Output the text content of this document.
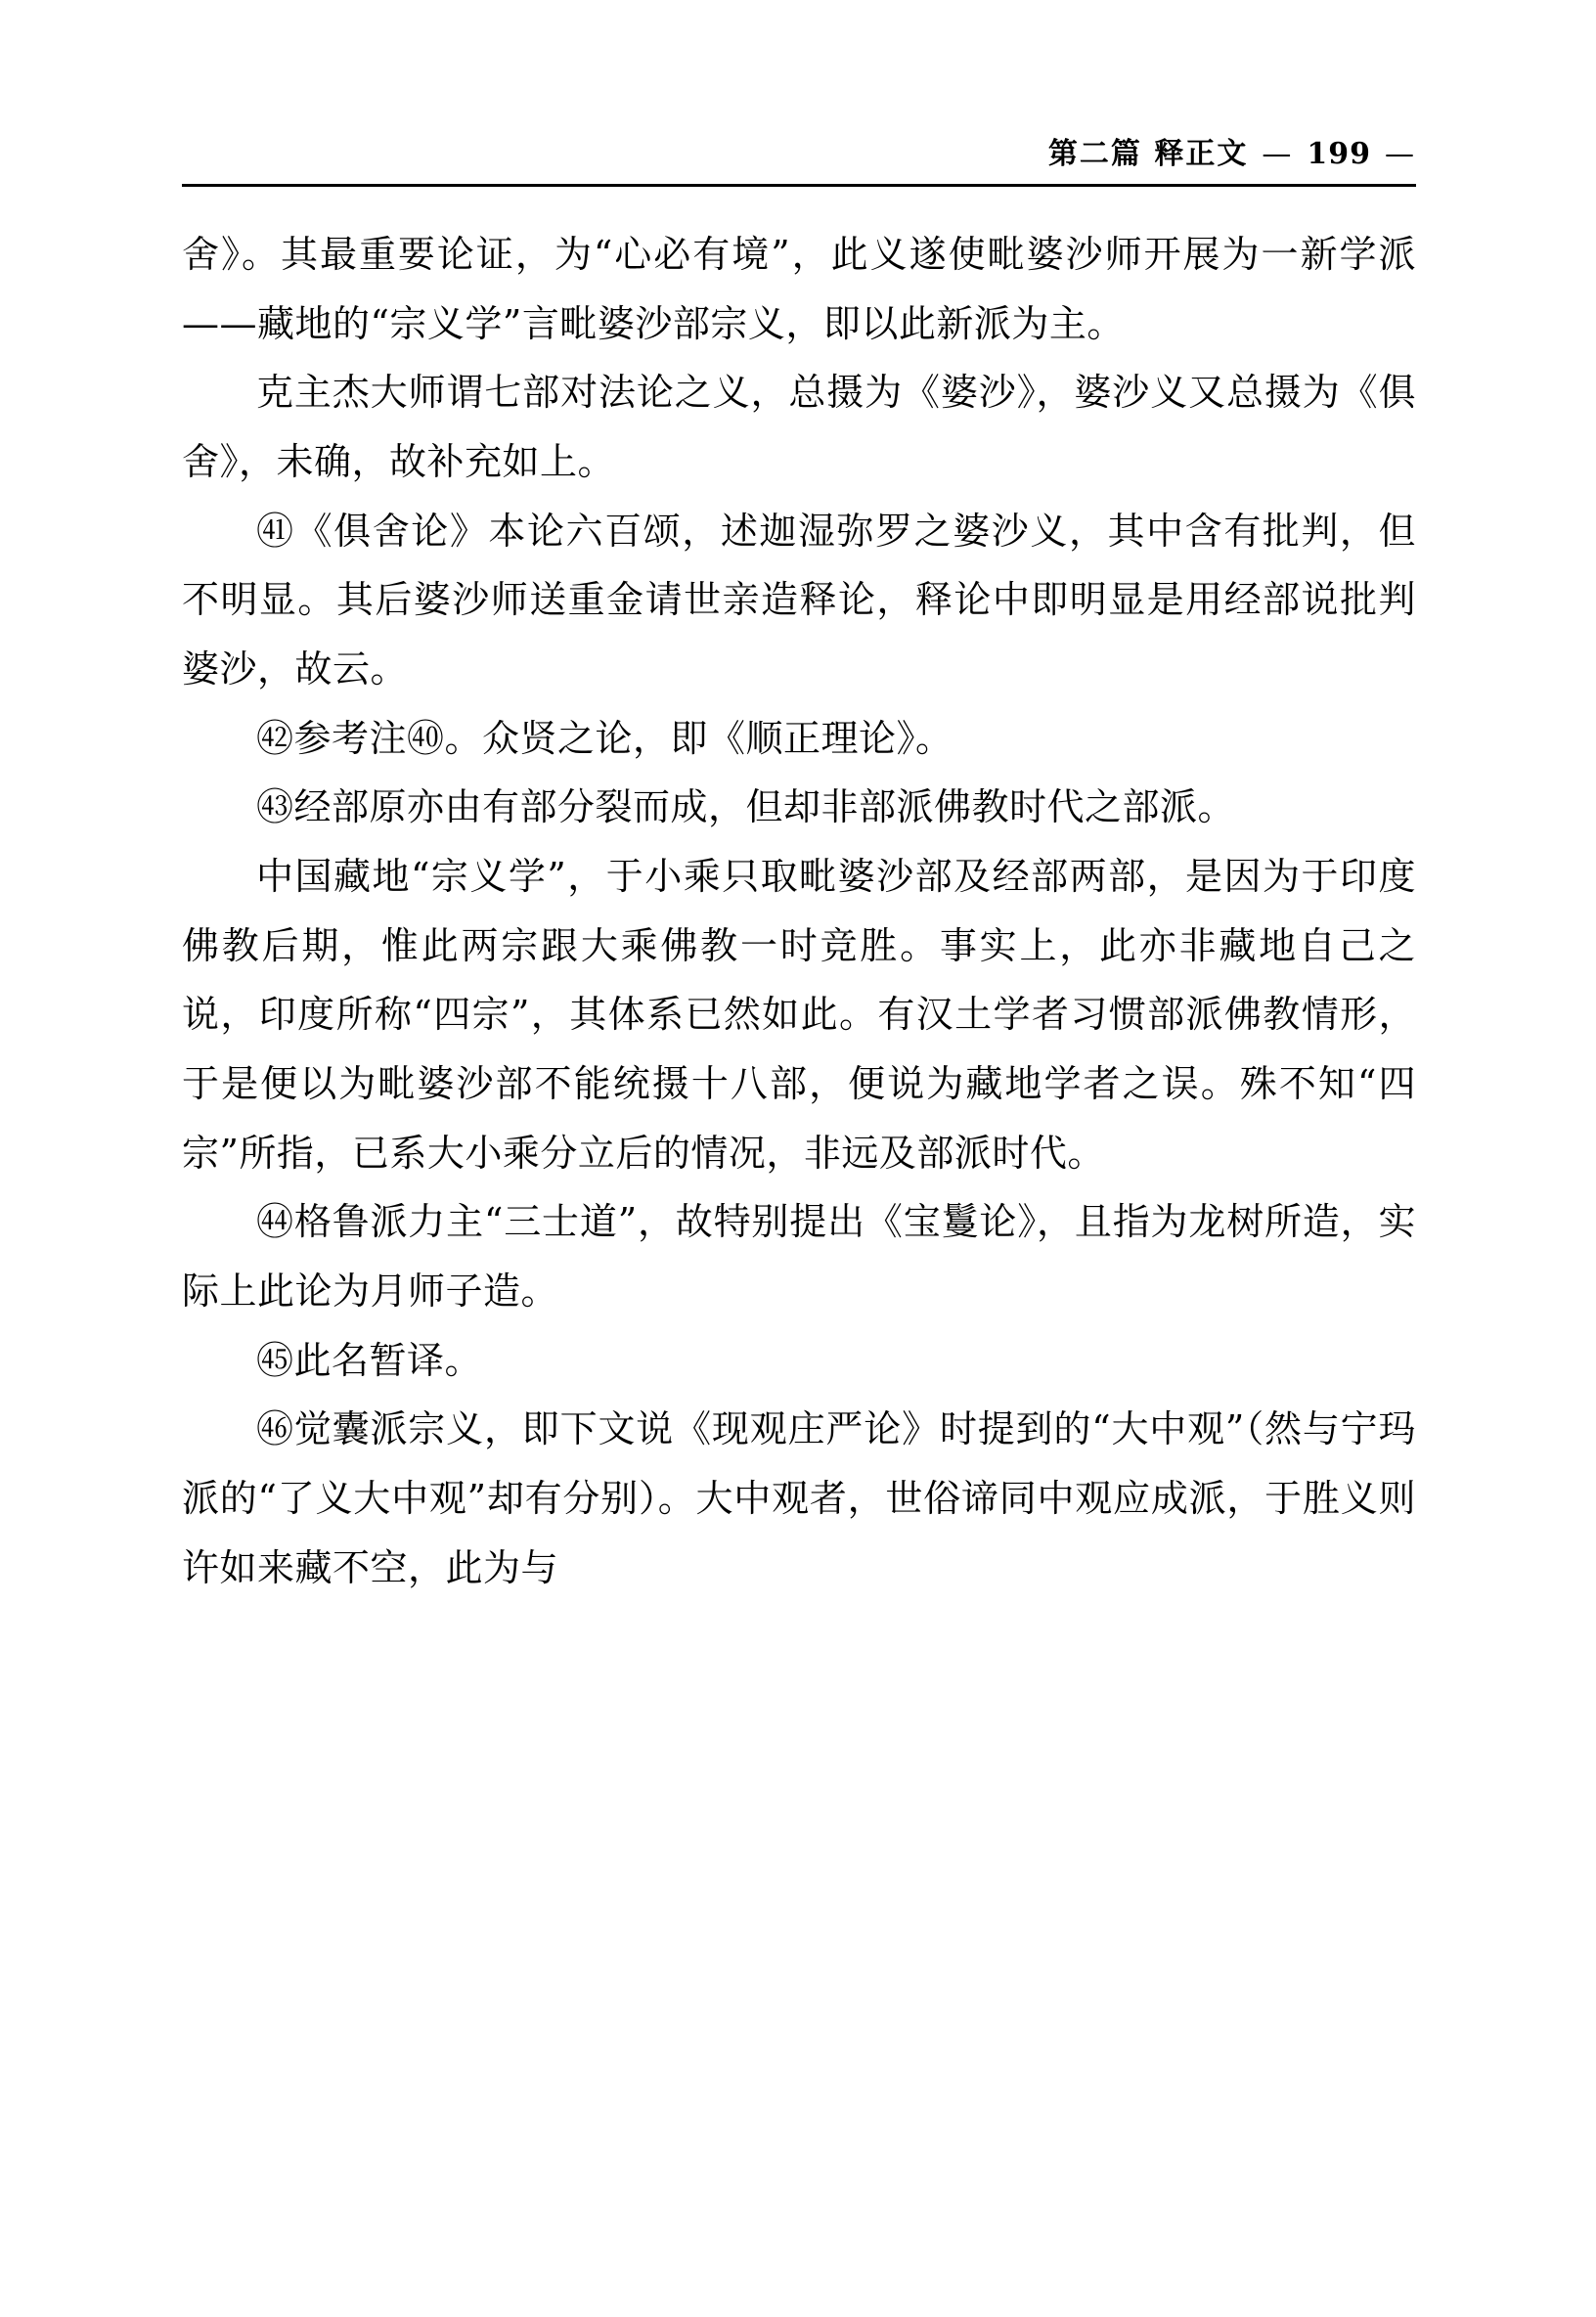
第二篇 释正文 — 199 —

舍》。其最重要论证，为“心必有境”，此义遂使毗婆沙师开展为一新学派——藏地的“宗义学”言毗婆沙部宗义，即以此新派为主。

克主杰大师谓七部对法论之义，总摄为《婆沙》，婆沙义又总摄为《俱舍》，未确，故补充如上。

㊶《俱舍论》本论六百颂，述迦湿弥罗之婆沙义，其中含有批判，但不明显。其后婆沙师送重金请世亲造释论，释论中即明显是用经部说批判婆沙，故云。

㊷参考注㊵。众贤之论，即《顺正理论》。

㊸经部原亦由有部分裂而成，但却非部派佛教时代之部派。

中国藏地“宗义学”，于小乘只取毗婆沙部及经部两部，是因为于印度佛教后期，惟此两宗跟大乘佛教一时竞胜。事实上，此亦非藏地自己之说，印度所称“四宗”，其体系已然如此。有汉土学者习惯部派佛教情形，于是便以为毗婆沙部不能统摄十八部，便说为藏地学者之误。殊不知“四宗”所指，已系大小乘分立后的情况，非远及部派时代。

㊹格鲁派力主“三士道”，故特别提出《宝鬘论》，且指为龙树所造，实际上此论为月师子造。

㊺此名暂译。

㊻觉囊派宗义，即下文说《现观庄严论》时提到的“大中观”（然与宁玛派的“了义大中观”却有分别）。大中观者，世俗谛同中观应成派，于胜义则许如来藏不空，此为与
